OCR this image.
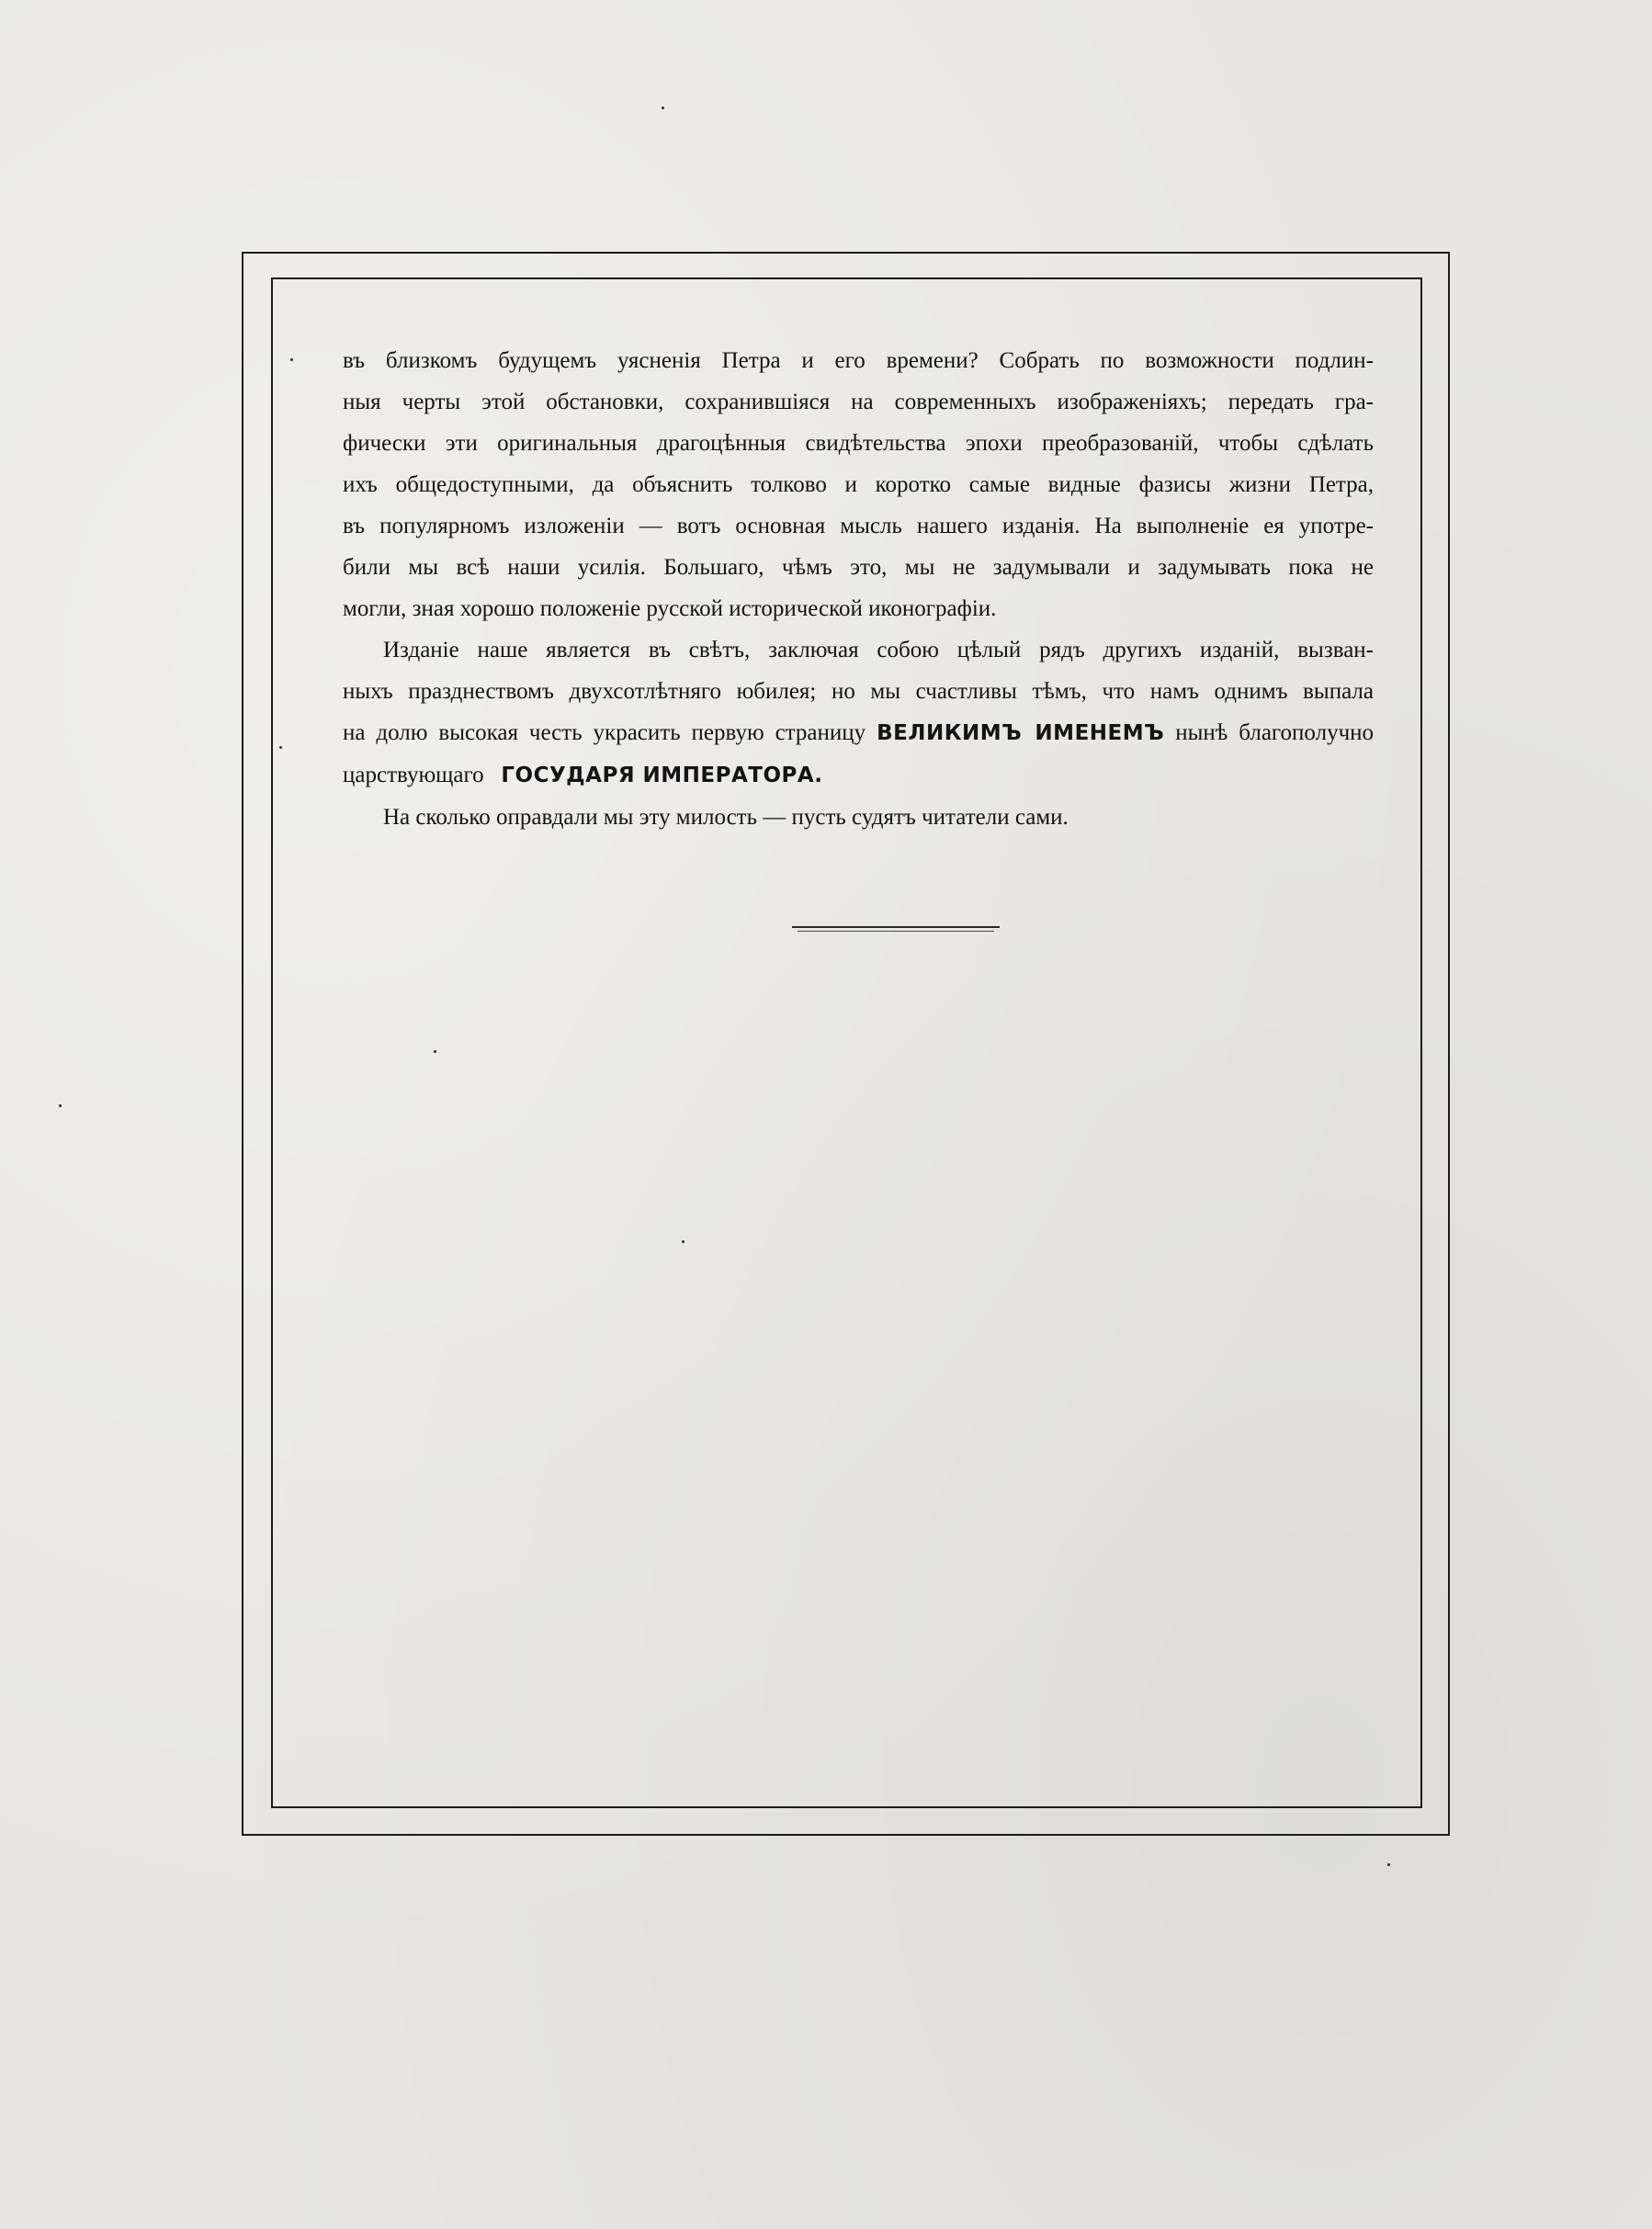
въ близкомъ будущемъ уясненія Петра и его времени? Собрать по возможности подлин-

ныя черты этой обстановки, сохранившіяся на современныхъ изображеніяхъ; передать гра-

фически эти оригинальныя драгоцѣнныя свидѣтельства эпохи преобразованій, чтобы сдѣлать

ихъ общедоступными, да объяснить толково и коротко самые видные фазисы жизни Петра,

въ популярномъ изложеніи — вотъ основная мысль нашего изданія. На выполненіе ея употре-

били мы всѣ наши усилія. Большаго, чѣмъ это, мы не задумывали и задумывать пока не

могли, зная хорошо положеніе русской исторической иконографіи.

Изданіе наше является въ свѣтъ, заключая собою цѣлый рядъ другихъ изданій, вызван-

ныхъ празднествомъ двухсотлѣтняго юбилея; но мы счастливы тѣмъ, что намъ однимъ выпала

на долю высокая честь украсить первую страницу ВЕЛИКИМЪ ИМЕНЕМЪ нынѣ благополучно

царствующаго ГОСУДАРЯ ИМПЕРАТОРА.

На сколько оправдали мы эту милость — пусть судятъ читатели сами.
